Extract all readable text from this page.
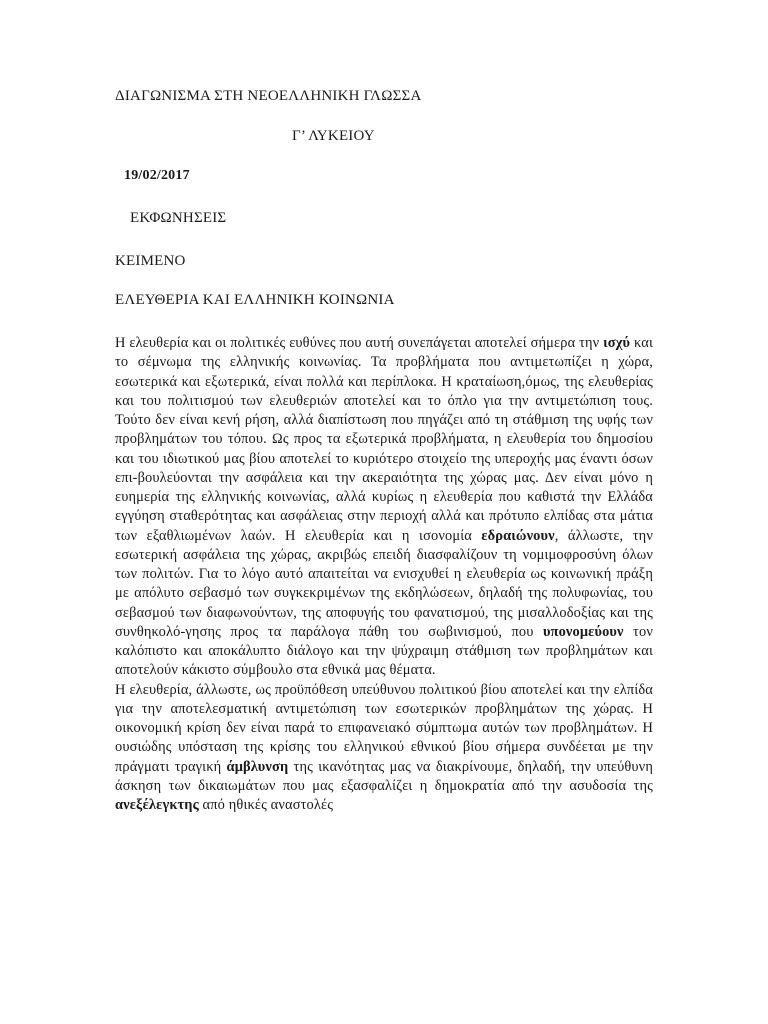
ΔΙΑΓΩΝΙΣΜΑ ΣΤΗ ΝΕΟΕΛΛΗΝΙΚΗ ΓΛΩΣΣΑ
Γ’ ΛΥΚΕΙΟΥ
19/02/2017
ΕΚΦΩΝΗΣΕΙΣ
ΚΕΙΜΕΝΟ
ΕΛΕΥΘΕΡΙΑ ΚΑΙ ΕΛΛΗΝΙΚΗ ΚΟΙΝΩΝΙΑ

Η ελευθερία και οι πολιτικές ευθύνες που αυτή συνεπάγεται αποτελεί σήμερα την ισχύ και το σέμνωμα της ελληνικής κοινωνίας. Τα προβλήματα που αντιμετωπίζει η χώρα, εσωτερικά και εξωτερικά, είναι πολλά και περίπλοκα. Η κραταίωση,όμως, της ελευθερίας και του πολιτισμού των ελευθεριών αποτελεί και το όπλο για την αντιμετώπιση τους. Τούτο δεν είναι κενή ρήση, αλλά διαπίστωση που πηγάζει από τη στάθμιση της υφής των προβλημάτων του τόπου. Ως προς τα εξωτερικά προβλήματα, η ελευθερία του δημοσίου και του ιδιωτικού μας βίου αποτελεί το κυριότερο στοιχείο της υπεροχής μας έναντι όσων επι-βουλεύονται την ασφάλεια και την ακεραιότητα της χώρας μας. Δεν είναι μόνο η ευημερία της ελληνικής κοινωνίας, αλλά κυρίως η ελευθερία που καθιστά την Ελλάδα εγγύηση σταθερότητας και ασφάλειας στην περιοχή αλλά και πρότυπο ελπίδας στα μάτια των εξαθλιωμένων λαών. Η ελευθερία και η ισονομία εδραιώνουν, άλλωστε, την εσωτερική ασφάλεια της χώρας, ακριβώς επειδή διασφαλίζουν τη νομιμοφροσύνη όλων των πολιτών. Για το λόγο αυτό απαιτείται να ενισχυθεί η ελευθερία ως κοινωνική πράξη με απόλυτο σεβασμό των συγκεκριμένων της εκδηλώσεων, δηλαδή της πολυφωνίας, του σεβασμού των διαφωνούντων, της αποφυγής του φανατισμού, της μισαλλοδοξίας και της συνθηκολό-γησης προς τα παράλογα πάθη του σωβινισμού, που υπονομεύουν τον καλόπιστο και αποκάλυπτο διάλογο και την ψύχραιμη στάθμιση των προβλημάτων και αποτελούν κάκιστο σύμβουλο στα εθνικά μας θέματα.

Η ελευθερία, άλλωστε, ως προϋπόθεση υπεύθυνου πολιτικού βίου αποτελεί και την ελπίδα για την αποτελεσματική αντιμετώπιση των εσωτερικών προβλημάτων της χώρας. Η οικονομική κρίση δεν είναι παρά το επιφανειακό σύμπτωμα αυτών των προβλημάτων. Η ουσιώδης υπόσταση της κρίσης του ελληνικού εθνικού βίου σήμερα συνδέεται με την πράγματι τραγική άμβλυνση της ικανότητας μας να διακρίνουμε, δηλαδή, την υπεύθυνη άσκηση των δικαιωμάτων που μας εξασφαλίζει η δημοκρατία από την ασυδοσία της ανεξέλεγκτης από ηθικές αναστολές
